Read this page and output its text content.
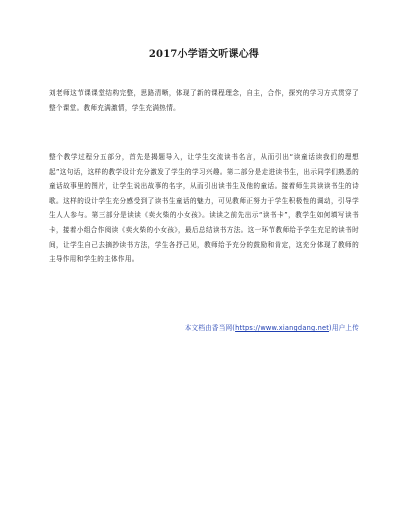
2017小学语文听课心得

刘老师这节课课堂结构完整，思路清晰，体现了新的课程理念，自主，合作，探究的学习方式贯穿了整个课堂。教师充满激情，学生充满热情。

整个教学过程分五部分，首先是揭题导入，让学生交流读书名言，从而引出“读童话读我们的理想起”这句话，这样的教学设计充分激发了学生的学习兴趣。第二部分是走进读书生，出示同学们熟悉的童话故事里的图片，让学生说出故事的名字，从而引出读书生及他的童话。接着师生共读读书生的诗歌。这样的设计学生充分感受到了读书生童话的魅力，可见教师正努力于学生积极性的调动，引导学生人人参与。第三部分是读读《卖火柴的小女孩》。读读之前先出示“读书卡”，教学生如何填写读书卡，接着小组合作阅读《卖火柴的小女孩》，最后总结读书方法。这一环节教师给予学生充足的读书时间，让学生自己去摘抄读书方法，学生各抒己见，教师给予充分的鼓励和肯定，这充分体现了教师的主导作用和学生的主体作用。

本文档由香当网(https://www.xiangdang.net)用户上传
